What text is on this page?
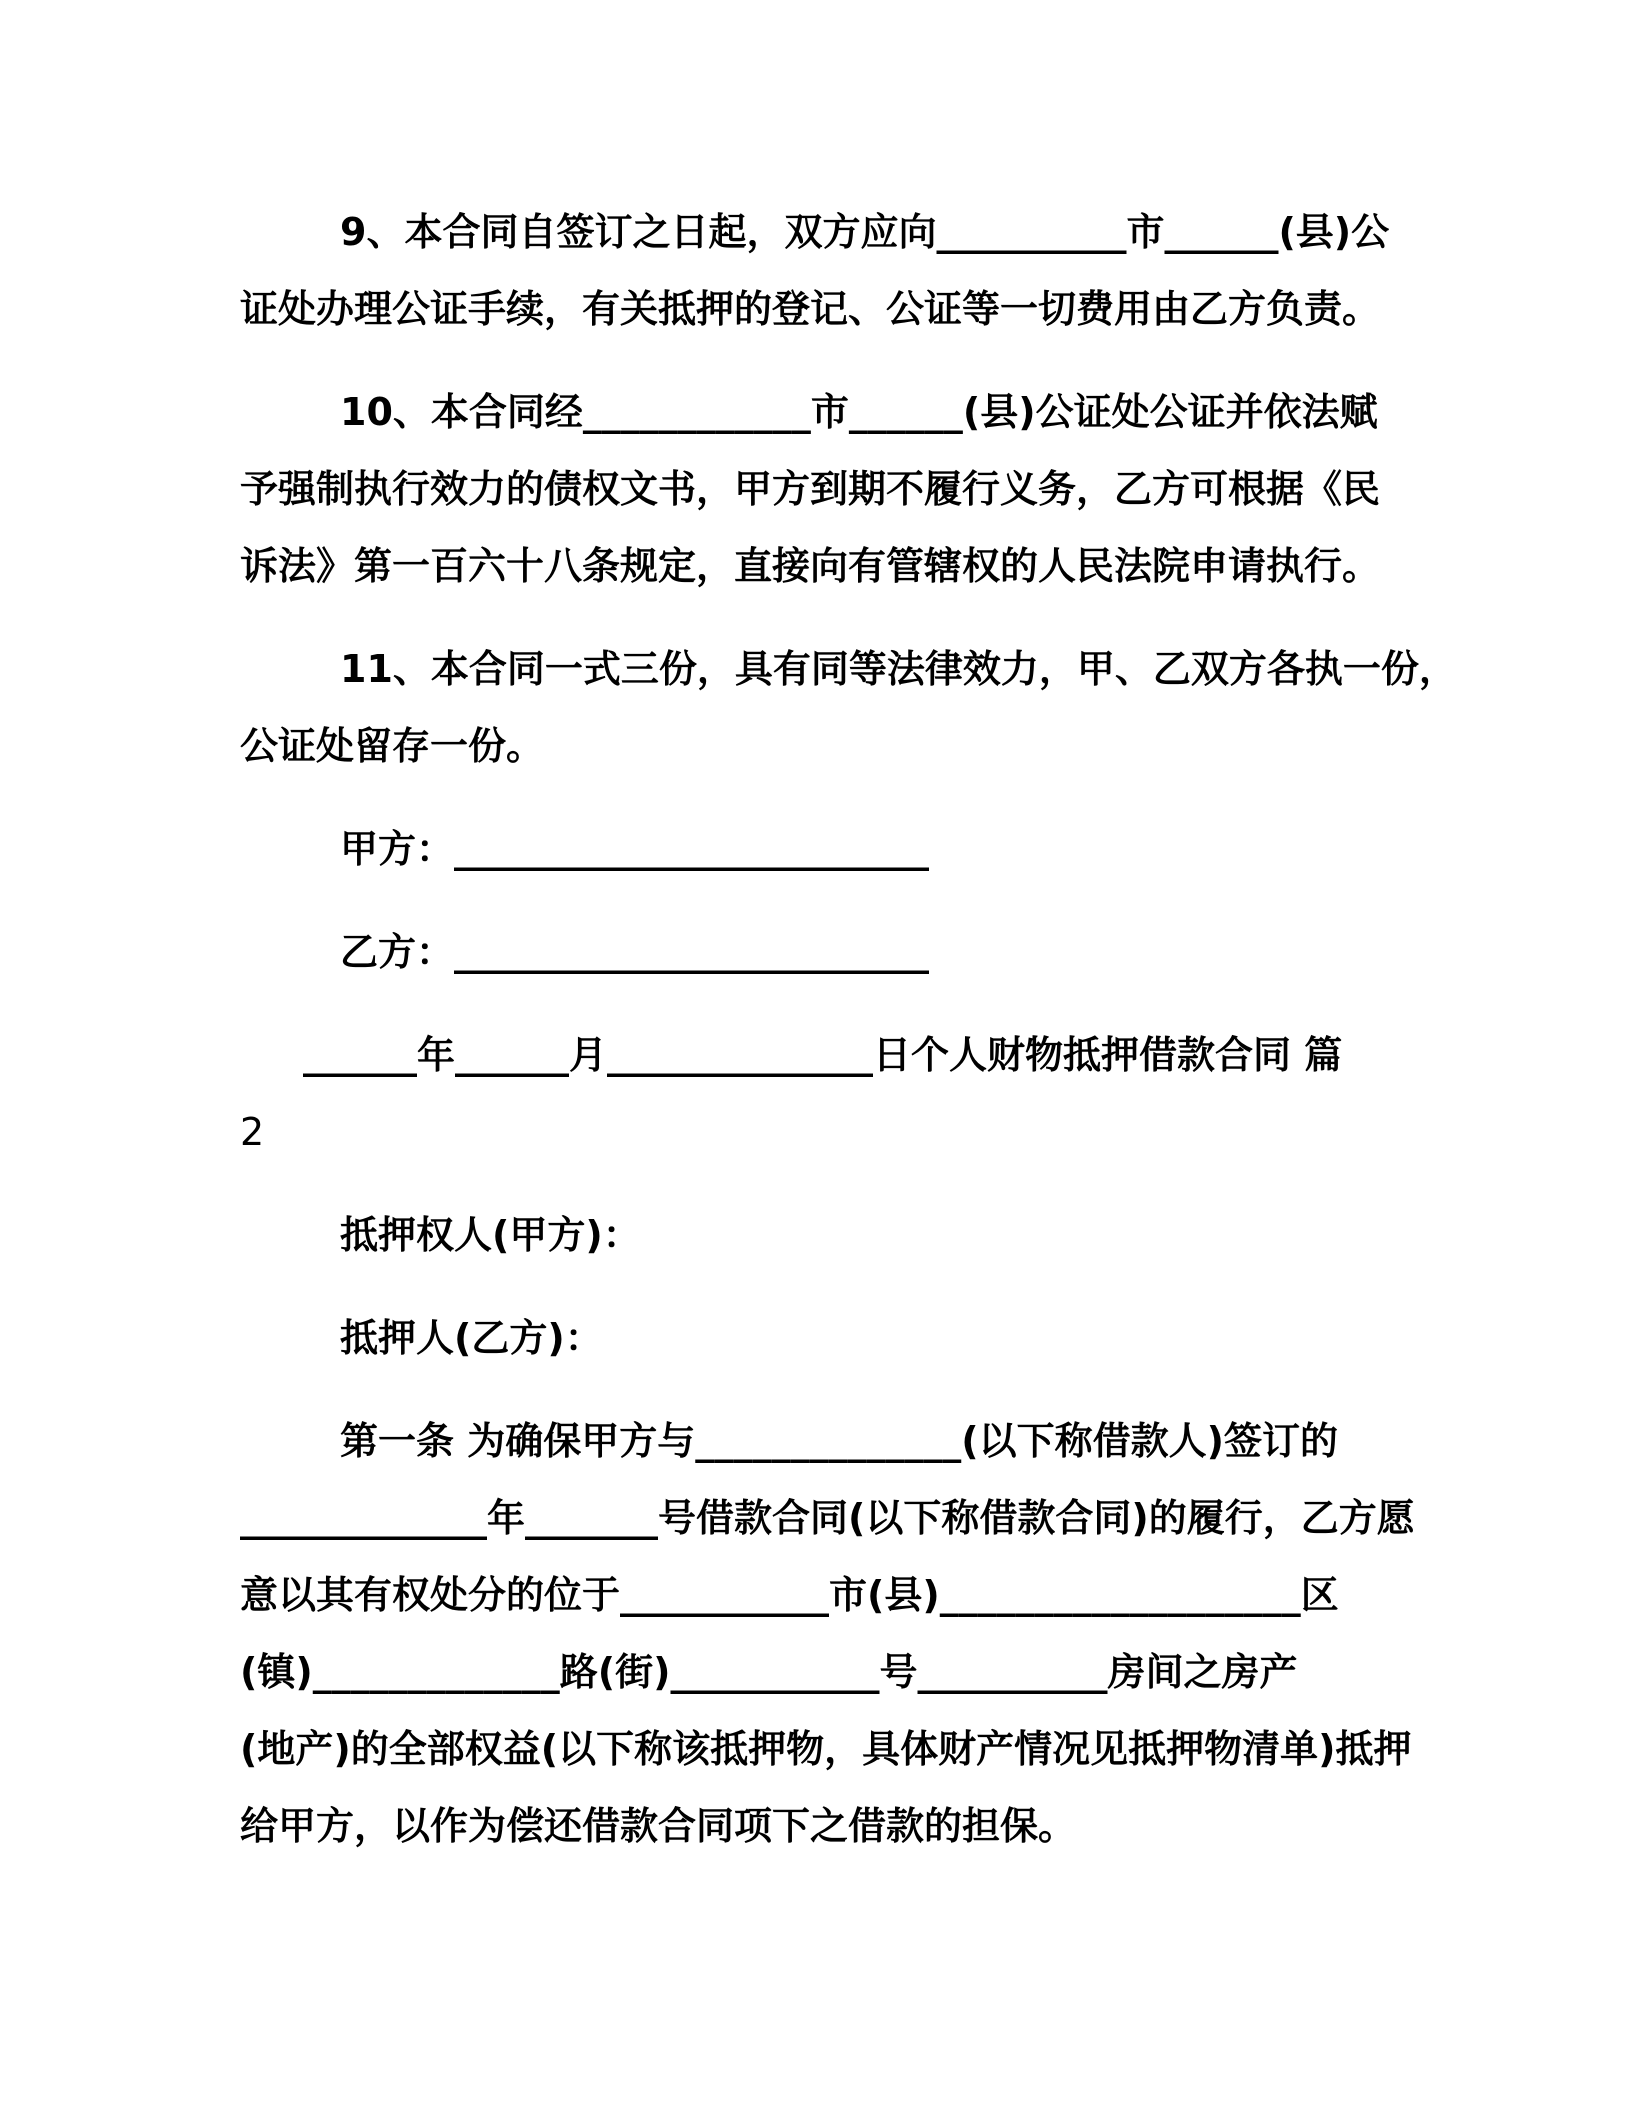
9、本合同自签订之日起，双方应向__________市______(县)公
证处办理公证手续，有关抵押的登记、公证等一切费用由乙方负责。
10、本合同经____________市______(县)公证处公证并依法赋
予强制执行效力的债权文书，甲方到期不履行义务，乙方可根据《民
诉法》第一百六十八条规定，直接向有管辖权的人民法院申请执行。
11、本合同一式三份，具有同等法律效力，甲、乙双方各执一份，
公证处留存一份。
甲方：_________________________
乙方：_________________________
______年______月______________日个人财物抵押借款合同 篇
2
抵押权人(甲方)：
抵押人(乙方)：
第一条 为确保甲方与______________(以下称借款人)签订的
_____________年_______号借款合同(以下称借款合同)的履行，乙方愿
意以其有权处分的位于___________市(县)___________________区
(镇)_____________路(街)___________号__________房间之房产
(地产)的全部权益(以下称该抵押物，具体财产情况见抵押物清单)抵押
给甲方，以作为偿还借款合同项下之借款的担保。
